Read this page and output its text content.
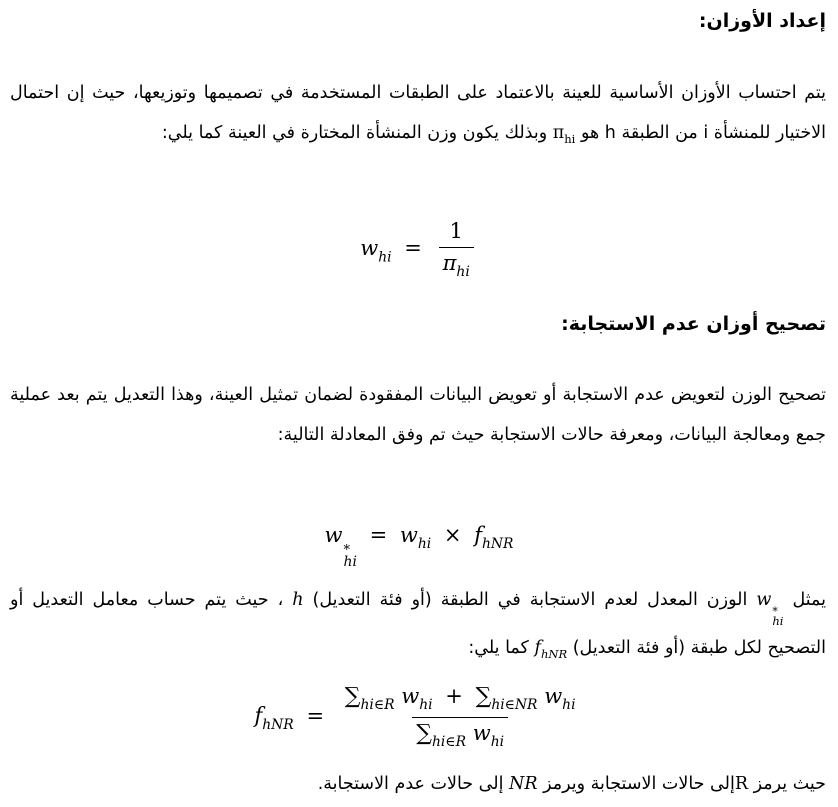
إعداد الأوزان:

يتم احتساب الأوزان الأساسية للعينة بالاعتماد على الطبقات المستخدمة في تصميمها وتوزيعها، حيث إن احتمال الاختيار للمنشأة i من الطبقة h هو $\pi_{hi}$ وبذلك يكون وزن المنشأة المختارة في العينة كما يلي:

$w_{hi} = \frac{1}{\pi_{hi}}$
تصحيح أوزان عدم الاستجابة:

تصحيح الوزن لتعويض عدم الاستجابة أو تعويض البيانات المفقودة لضمان تمثيل العينة، وهذا التعديل يتم بعد عملية جمع ومعالجة البيانات، ومعرفة حالات الاستجابة حيث تم وفق المعادلة التالية:

w
*
hi
= $w_{hi} \times f_{hNR}$

يمثل w
*
hi
الوزن المعدل لعدم الاستجابة في الطبقة (أو فئة التعديل) h ، حيث يتم حساب معامل التعديل أو التصحيح لكل طبقة (أو فئة التعديل) $f_{hNR}$ كما يلي:

$f_{hNR} = \frac{\sum_{hi\in R} w_{hi} + \sum_{hi\in NR} w_{hi}}{\sum_{hi\in R} w_{hi}}$

حيث يرمز Rإلى حالات الاستجابة ويرمز NR إلى حالات عدم الاستجابة.
